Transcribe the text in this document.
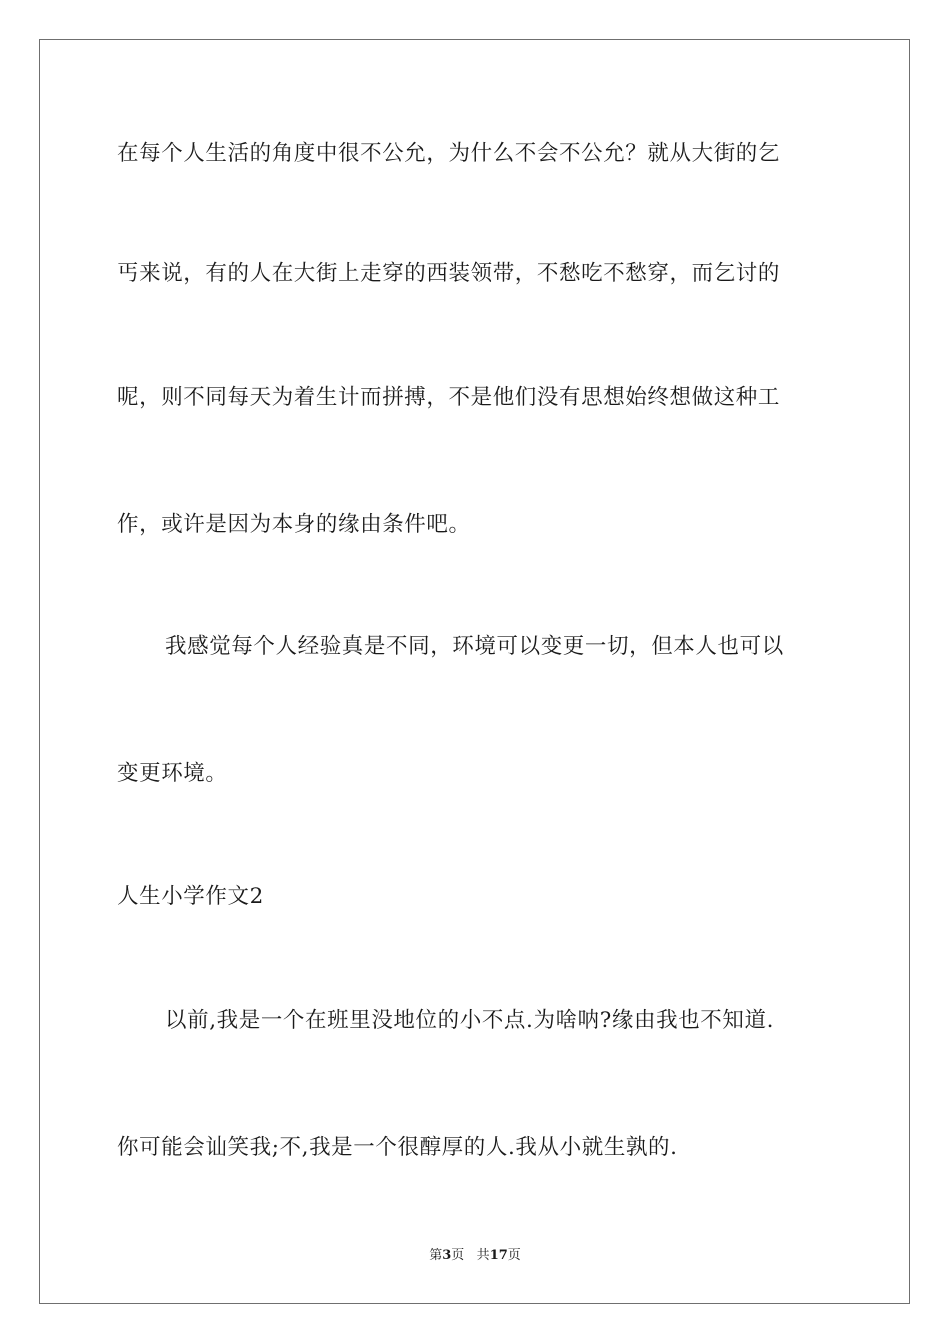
在每个人生活的角度中很不公允，为什么不会不公允？就从大街的乞
丐来说，有的人在大街上走穿的西装领带，不愁吃不愁穿，而乞讨的
呢，则不同每天为着生计而拼搏，不是他们没有思想始终想做这种工
作，或许是因为本身的缘由条件吧。
我感觉每个人经验真是不同，环境可以变更一切，但本人也可以
变更环境。
人生小学作文2
以前,我是一个在班里没地位的小不点.为啥呐?缘由我也不知道.
你可能会讪笑我;不,我是一个很醇厚的人.我从小就生孰的.
第3页 共17页
